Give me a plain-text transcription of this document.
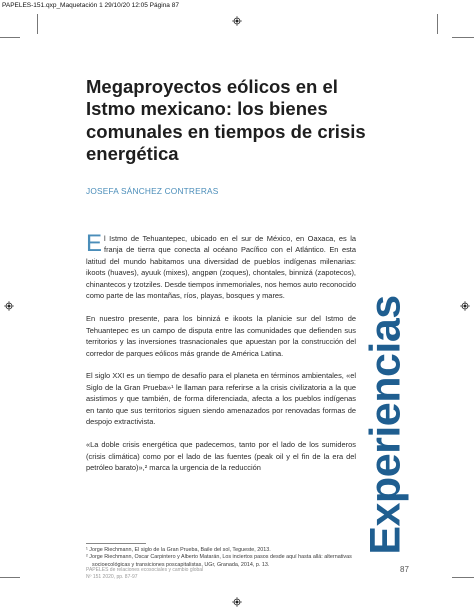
PAPELES-151.qxp_Maquetación 1 29/10/20 12:05 Página 87
Megaproyectos eólicos en el Istmo mexicano: los bienes comunales en tiempos de crisis energética
JOSEFA SÁNCHEZ CONTRERAS

El Istmo de Tehuantepec, ubicado en el sur de México, en Oaxaca, es la franja de tierra que conecta al océano Pacífico con el Atlántico. En esta latitud del mundo habitamos una diversidad de pueblos indígenas milenarias: ikoots (huaves), ayuuk (mixes), angpøn (zoques), chontales, binnizá (zapotecos), chinantecos y tzotziles. Desde tiempos inmemoriales, nos hemos auto reconocido como parte de las montañas, ríos, playas, bosques y mares.

En nuestro presente, para los binnizá e ikoots la planicie sur del Istmo de Tehuantepec es un campo de disputa entre las comunidades que defienden sus territorios y las inversiones trasnacionales que apuestan por la construcción del corredor de parques eólicos más grande de América Latina.

El siglo XXI es un tiempo de desafío para el planeta en términos ambientales, «el Siglo de la Gran Prueba»¹ le llaman para referirse a la crisis civilizatoria a la que asistimos y que también, de forma diferenciada, afecta a los pueblos indígenas en tanto que sus territorios siguen siendo amenazados por renovadas formas de despojo extractivista.

«La doble crisis energética que padecemos, tanto por el lado de los sumideros (crisis climática) como por el lado de las fuentes (peak oil y el fin de la era del petróleo barato)»,² marca la urgencia de la reducción

¹ Jorge Riechmann, El siglo de la Gran Prueba, Baile del sol, Tegueste, 2013.

² Jorge Riechmann, Oscar Carpintero y Alberto Matarán, Los inciertos pasos desde aquí hasta allá: alternativas socioecológicas y transiciones poscapitalistas, UGr, Granada, 2014, p. 13.

Experiencias
PAPELES de relaciones ecosociales y cambio global
Nº 151 2020, pp. 87-97
87
